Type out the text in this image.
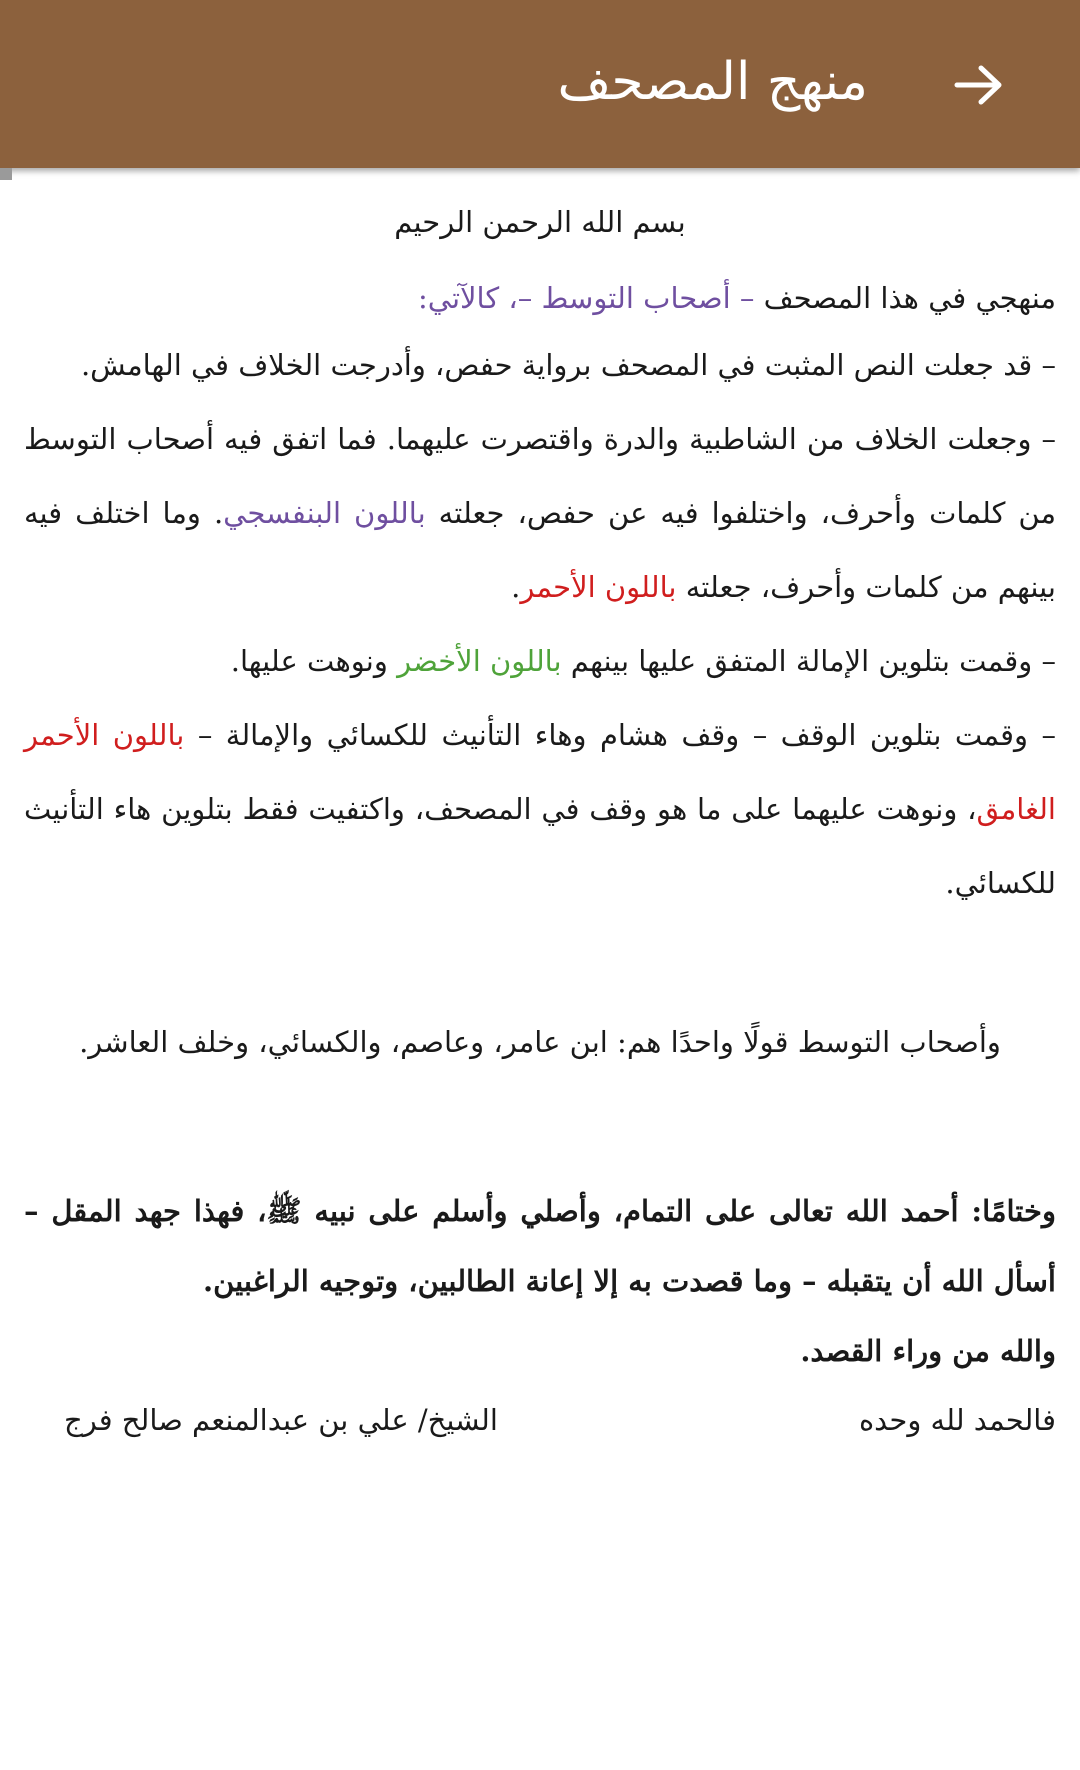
منهج المصحف
بسم الله الرحمن الرحيم

منهجي في هذا المصحف – أصحاب التوسط –، كالآتي:

– قد جعلت النص المثبت في المصحف برواية حفص، وأدرجت الخلاف في الهامش.

– وجعلت الخلاف من الشاطبية والدرة واقتصرت عليهما. فما اتفق فيه أصحاب التوسط من كلمات وأحرف، واختلفوا فيه عن حفص، جعلته باللون البنفسجي. وما اختلف فيه بينهم من كلمات وأحرف، جعلته باللون الأحمر.

– وقمت بتلوين الإمالة المتفق عليها بينهم باللون الأخضر ونوهت عليها.

– وقمت بتلوين الوقف – وقف هشام وهاء التأنيث للكسائي والإمالة – باللون الأحمر الغامق، ونوهت عليهما على ما هو وقف في المصحف، واكتفيت فقط بتلوين هاء التأنيث للكسائي.

وأصحاب التوسط قولًا واحدًا هم: ابن عامر، وعاصم، والكسائي، وخلف العاشر.

وختامًا: أحمد الله تعالى على التمام، وأصلي وأسلم على نبيه ﷺ، فهذا جهد المقل – أسأل الله أن يتقبله – وما قصدت به إلا إعانة الطالبين، وتوجيه الراغبين.

والله من وراء القصد.

فالحمد لله وحده
الشيخ/ علي بن عبدالمنعم صالح فرج
